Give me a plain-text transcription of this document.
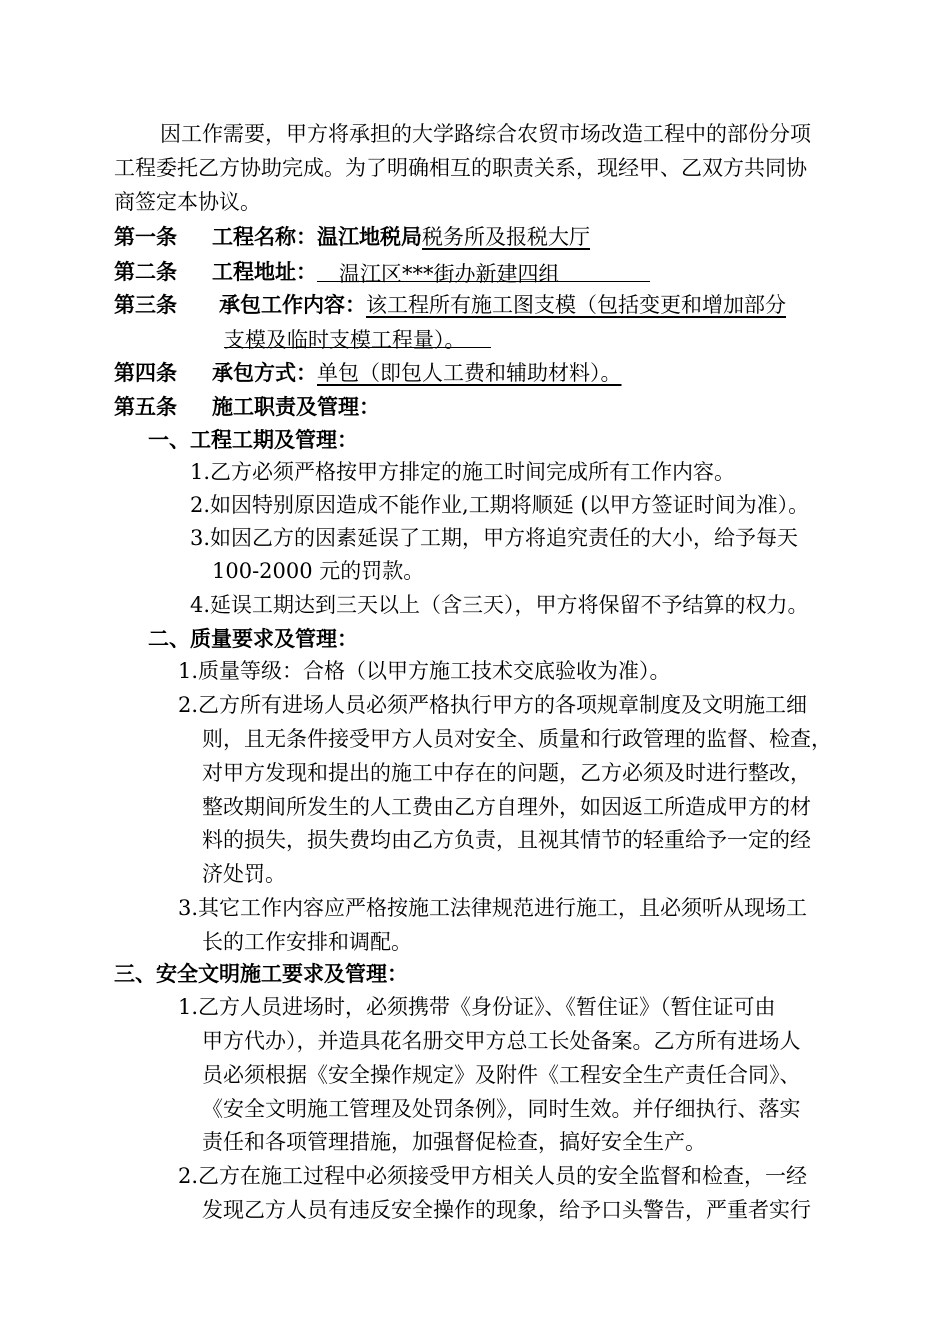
因工作需要，甲方将承担的大学路综合农贸市场改造工程中的部份分项
工程委托乙方协助完成。为了明确相互的职责关系，现经甲、乙双方共同协
商签定本协议。
第一条 工程名称：温江地税局税务所及报税大厅
第二条 工程地址： 温江区***街办新建四组
第三条 承包工作内容：该工程所有施工图支模（包括变更和增加部分
支模及临时支模工程量）。
第四条 承包方式：单包（即包人工费和辅助材料）。
第五条 施工职责及管理：
一、工程工期及管理：
1.乙方必须严格按甲方排定的施工时间完成所有工作内容。
2.如因特别原因造成不能作业,工期将顺延 (以甲方签证时间为准）。
3.如因乙方的因素延误了工期，甲方将追究责任的大小，给予每天
100-2000 元的罚款。
4.延误工期达到三天以上（含三天），甲方将保留不予结算的权力。
二、质量要求及管理：
1.质量等级：合格（以甲方施工技术交底验收为准）。
2.乙方所有进场人员必须严格执行甲方的各项规章制度及文明施工细
则，且无条件接受甲方人员对安全、质量和行政管理的监督、检查，
对甲方发现和提出的施工中存在的问题，乙方必须及时进行整改，
整改期间所发生的人工费由乙方自理外，如因返工所造成甲方的材
料的损失，损失费均由乙方负责，且视其情节的轻重给予一定的经
济处罚。
3.其它工作内容应严格按施工法律规范进行施工，且必须听从现场工
长的工作安排和调配。
三、安全文明施工要求及管理：
1.乙方人员进场时，必须携带《身份证》、《暂住证》（暂住证可由
甲方代办），并造具花名册交甲方总工长处备案。乙方所有进场人
员必须根据《安全操作规定》及附件《工程安全生产责任合同》、
《安全文明施工管理及处罚条例》，同时生效。并仔细执行、落实
责任和各项管理措施，加强督促检查，搞好安全生产。
2.乙方在施工过程中必须接受甲方相关人员的安全监督和检查，一经
发现乙方人员有违反安全操作的现象，给予口头警告，严重者实行
